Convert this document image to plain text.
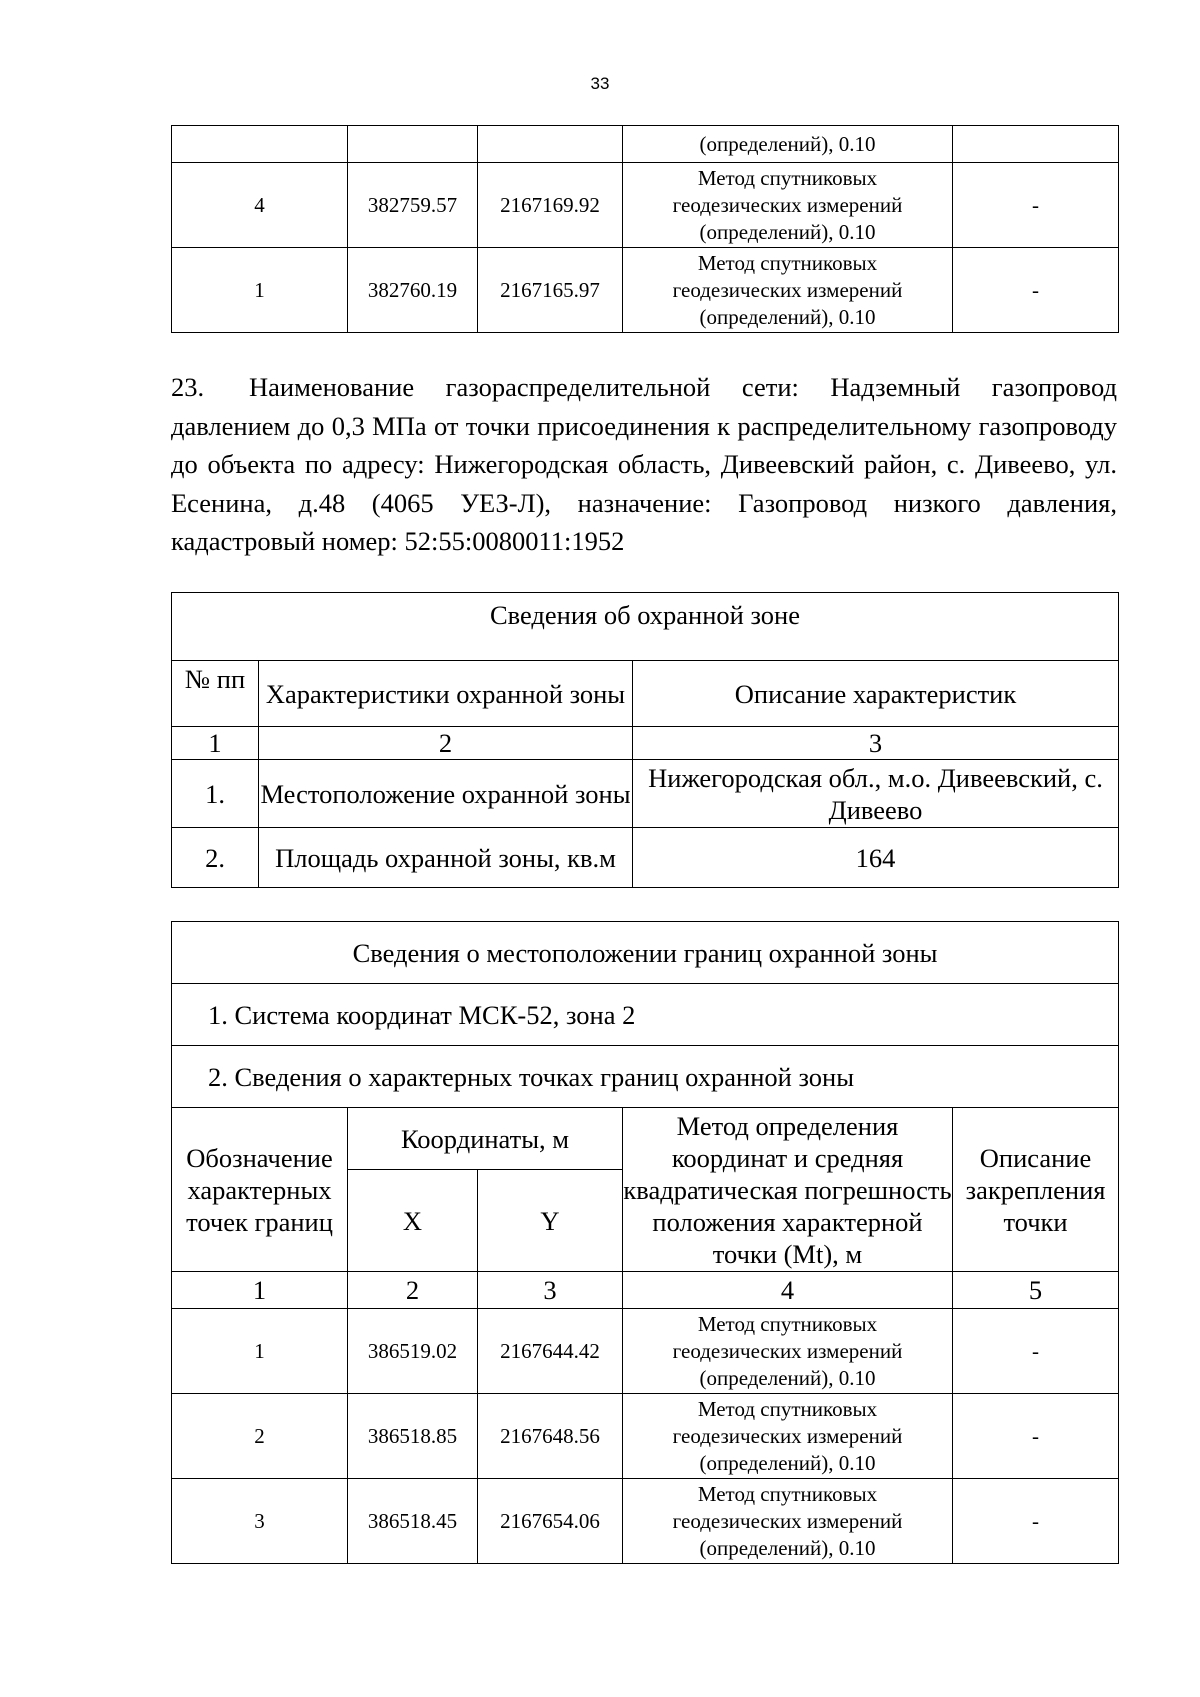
33

			(определений), 0.10	

4	382759.57	2167169.92	Метод спутниковых
геодезических измерений
(определений), 0.10	-
1	382760.19	2167165.97	Метод спутниковых
геодезических измерений
(определений), 0.10	-

23. Наименование газораспределительной сети: Надземный газопровод давлением до 0,3 МПа от точки присоединения к распределительному газопроводу до объекта по адресу: Нижегородская область, Дивеевский район, с. Дивеево, ул. Есенина, д.48 (4065 УЕЗ-Л), назначение: Газопровод низкого давления, кадастровый номер: 52:55:0080011:1952

Сведения об охранной зоне		
№ пп	Характеристики охранной зоны	Описание характеристик
1	2	3
1.	Местоположение охранной зоны	Нижегородская обл., м.о. Дивеевский, с. Дивеево
2.	Площадь охранной зоны, кв.м	164
Сведения о местоположении границ охранной зоны				
1. Система координат МСК-52, зона 2				
2. Сведения о характерных точках границ охранной зоны				
Обозначение характерных точек границ	Координаты, м		Метод определения координат и средняя квадратическая погрешность положения характерной точки (Mt), м	Описание закрепления точки
	X	Y		
1	2	3	4	5
1	386519.02	2167644.42	Метод спутниковых
геодезических измерений
(определений), 0.10	-
2	386518.85	2167648.56	Метод спутниковых
геодезических измерений
(определений), 0.10	-
3	386518.45	2167654.06	Метод спутниковых
геодезических измерений
(определений), 0.10	-
